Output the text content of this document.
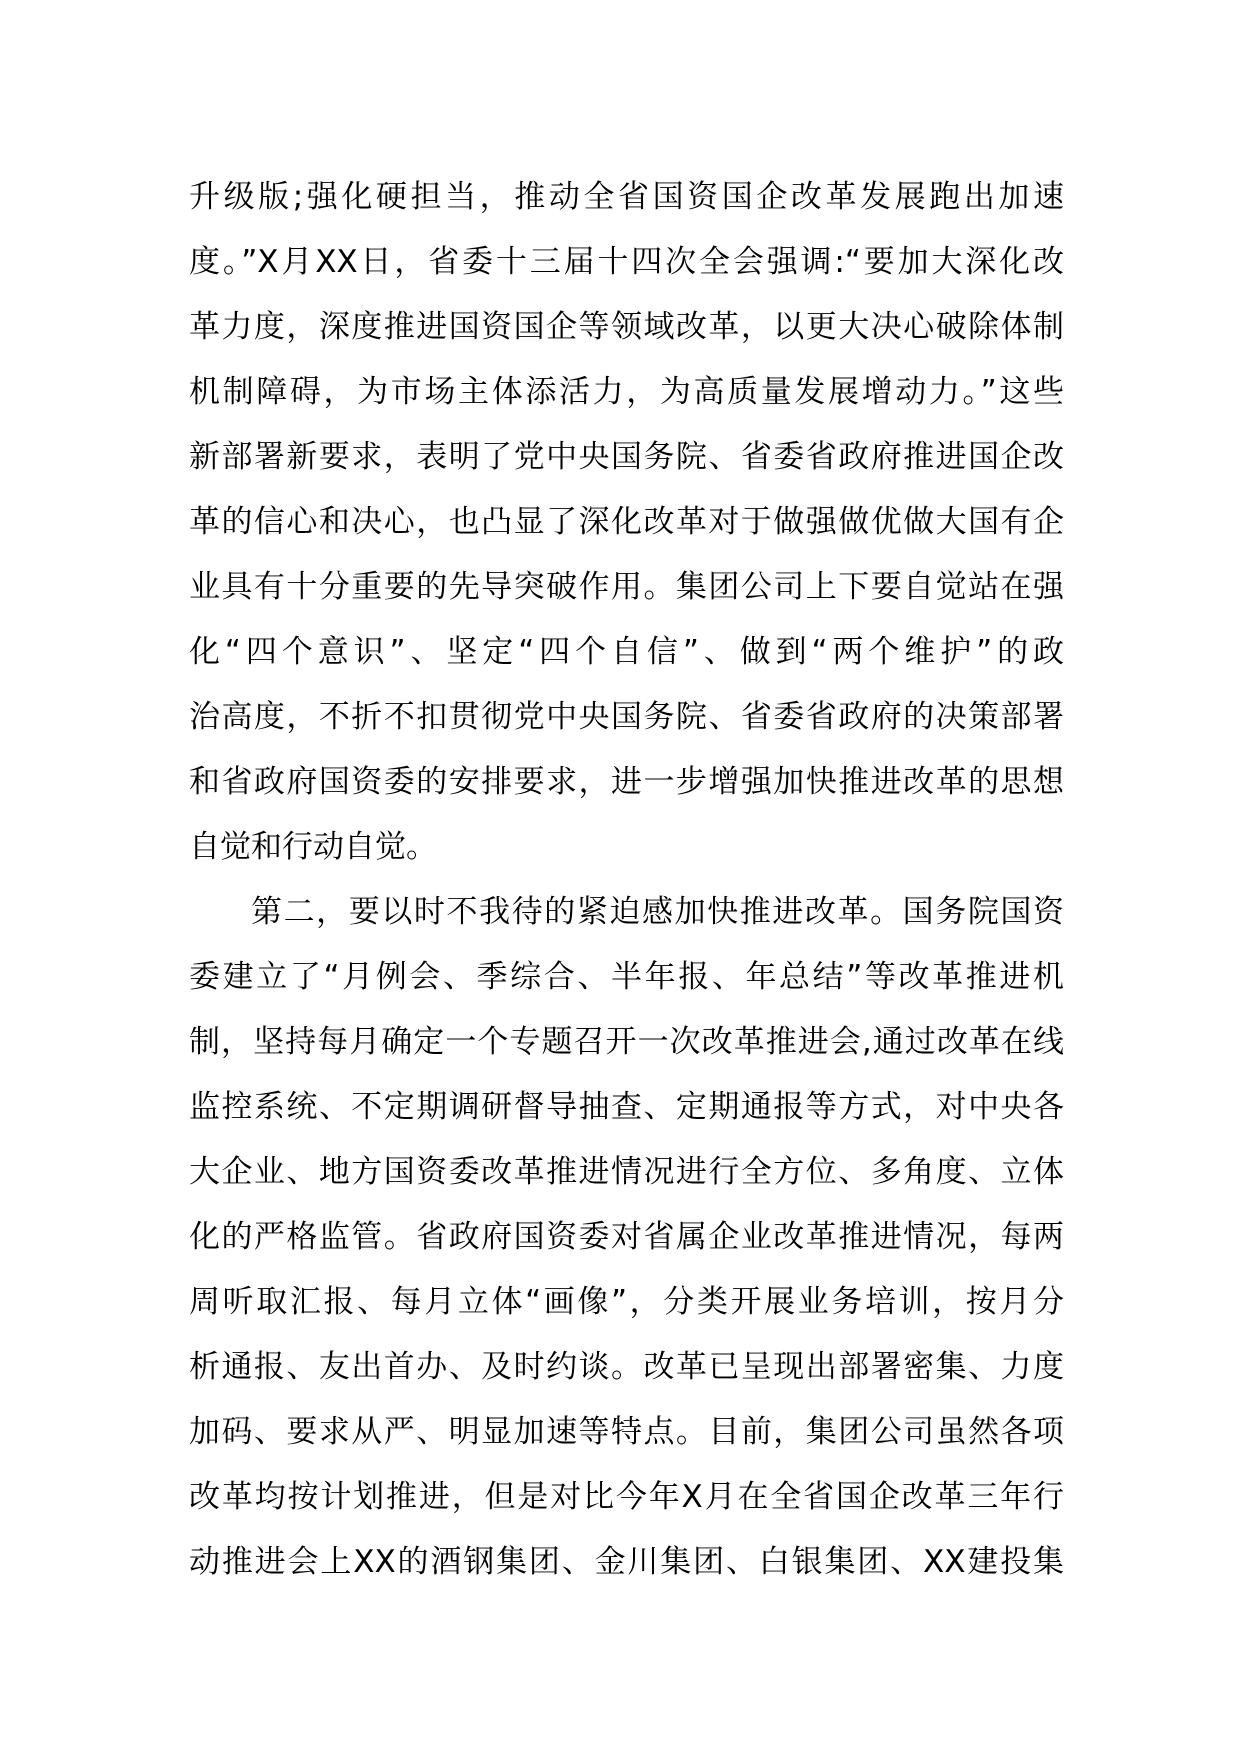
升级版;强化硬担当，推动全省国资国企改革发展跑出加速
度。”X月XX日，省委十三届十四次全会强调:“要加大深化改
革力度，深度推进国资国企等领域改革，以更大决心破除体制
机制障碍，为市场主体添活力，为高质量发展增动力。”这些
新部署新要求，表明了党中央国务院、省委省政府推进国企改
革的信心和决心，也凸显了深化改革对于做强做优做大国有企
业具有十分重要的先导突破作用。集团公司上下要自觉站在强
化“四个意识”、坚定“四个自信”、做到“两个维护”的政
治高度，不折不扣贯彻党中央国务院、省委省政府的决策部署
和省政府国资委的安排要求，进一步增强加快推进改革的思想
自觉和行动自觉。
第二，要以时不我待的紧迫感加快推进改革。国务院国资
委建立了“月例会、季综合、半年报、年总结”等改革推进机
制，坚持每月确定一个专题召开一次改革推进会,通过改革在线
监控系统、不定期调研督导抽查、定期通报等方式，对中央各
大企业、地方国资委改革推进情况进行全方位、多角度、立体
化的严格监管。省政府国资委对省属企业改革推进情况，每两
周听取汇报、每月立体“画像”，分类开展业务培训，按月分
析通报、友出首办、及时约谈。改革已呈现出部署密集、力度
加码、要求从严、明显加速等特点。目前，集团公司虽然各项
改革均按计划推进，但是对比今年X月在全省国企改革三年行
动推进会上XX的酒钢集团、金川集团、白银集团、XX建投集
